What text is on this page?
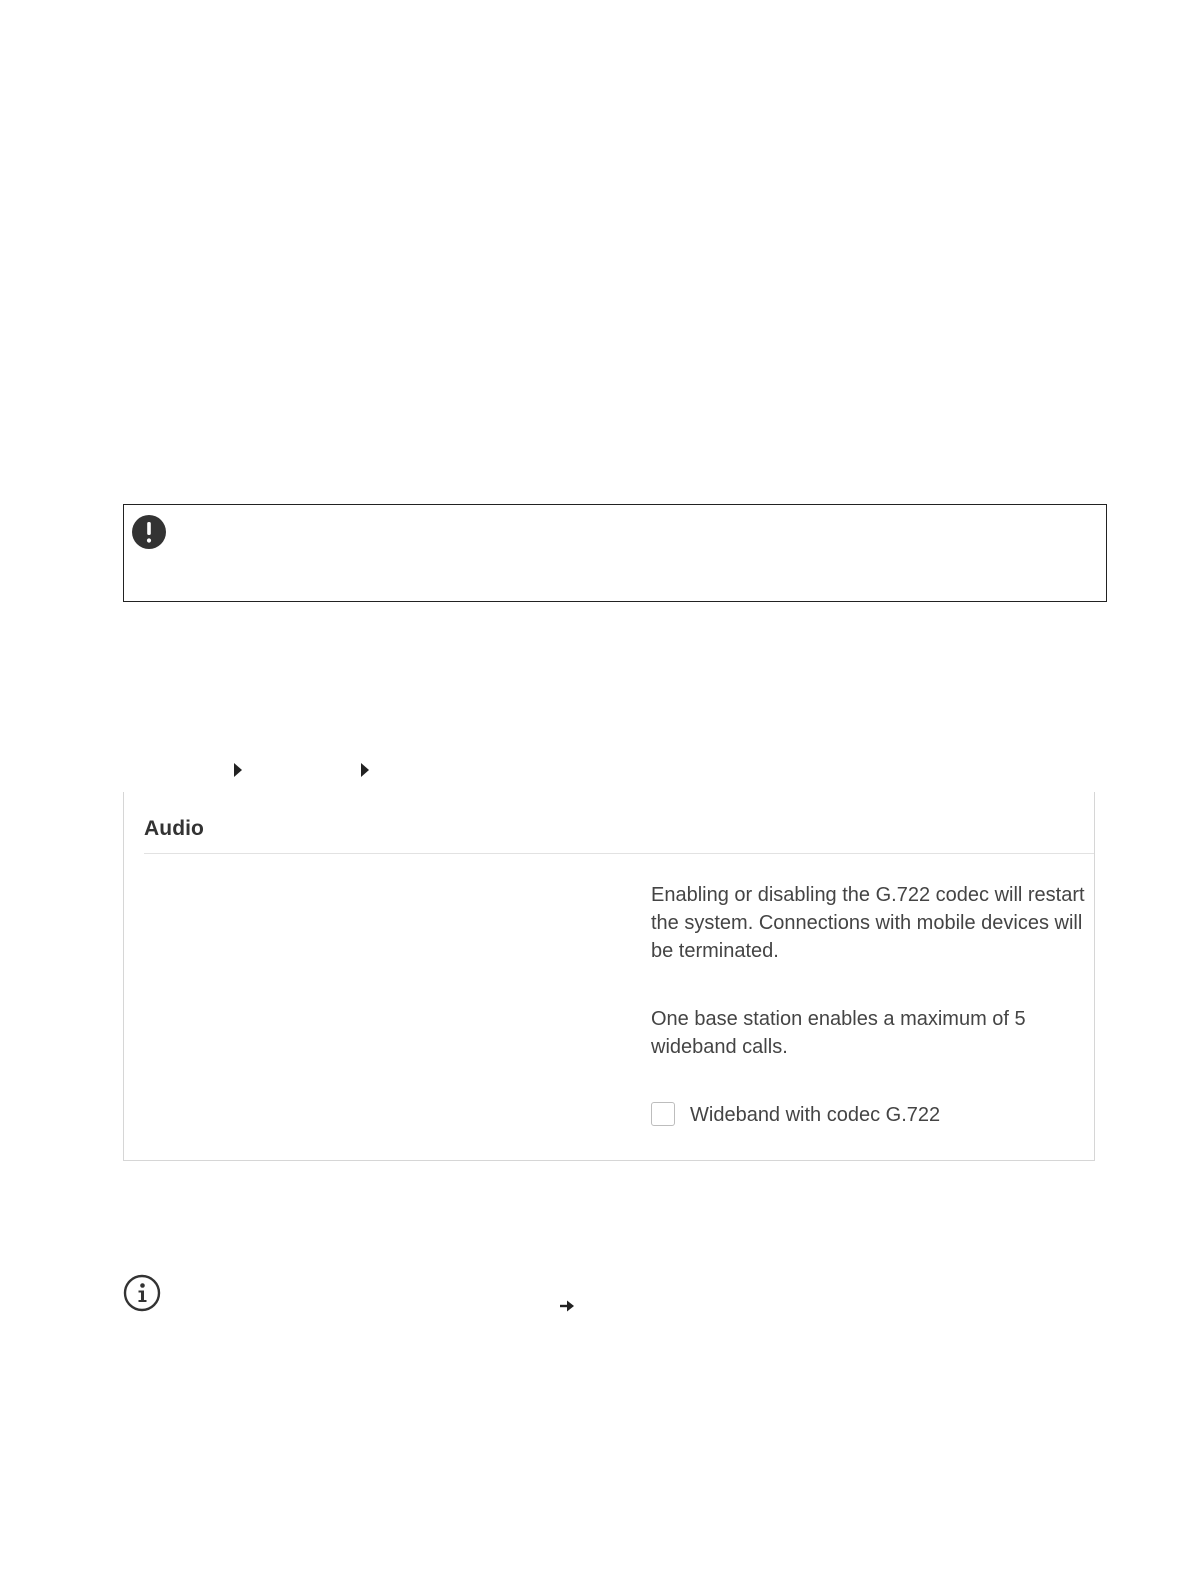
Audio
Enabling or disabling the G.722 codec will restart the system. Connections with mobile devices will be terminated.
One base station enables a maximum of 5 wideband calls.
Wideband with codec G.722
